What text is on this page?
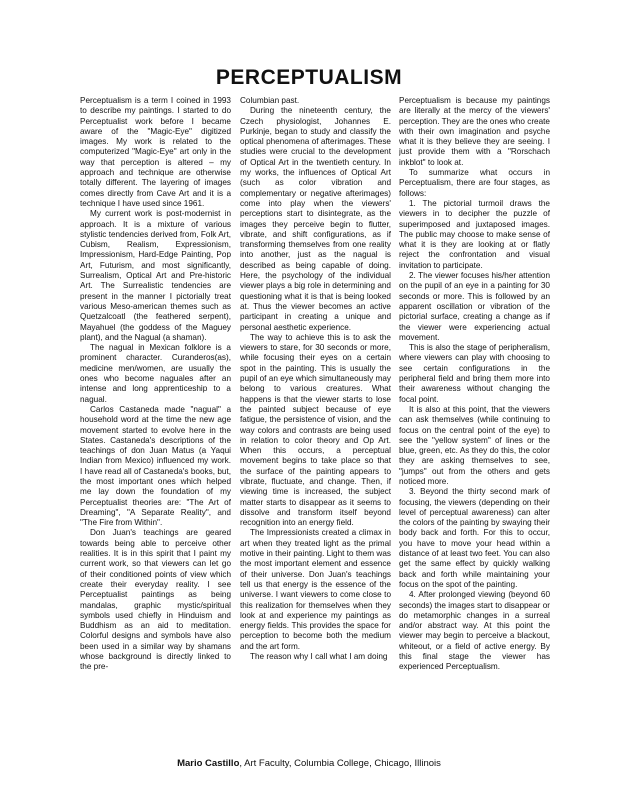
PERCEPTUALISM

Perceptualism is a term I coined in 1993 to describe my paintings. I started to do Perceptualist work before I became aware of the "Magic-Eye" digitized images. My work is related to the computerized "Magic-Eye" art only in the way that perception is altered – my approach and technique are otherwise totally different. The layering of images comes directly from Cave Art and it is a technique I have used since 1961.

My current work is post-modernist in approach. It is a mixture of various stylistic tendencies derived from, Folk Art, Cubism, Realism, Expressionism, Impressionism, Hard-Edge Painting, Pop Art, Futurism, and most significantly, Surrealism, Optical Art and Pre-historic Art. The Surrealistic tendencies are present in the manner I pictorially treat various Meso-american themes such as Quetzalcoatl (the feathered serpent), Mayahuel (the goddess of the Maguey plant), and the Nagual (a shaman).

The nagual in Mexican folklore is a prominent character. Curanderos(as), medicine men/women, are usually the ones who become naguales after an intense and long apprenticeship to a nagual.

Carlos Castaneda made "nagual" a household word at the time the new age movement started to evolve here in the States. Castaneda's descriptions of the teachings of don Juan Matus (a Yaqui Indian from Mexico) influenced my work. I have read all of Castaneda's books, but, the most important ones which helped me lay down the foundation of my Perceptualist theories are: "The Art of Dreaming", "A Separate Reality", and "The Fire from Within".

Don Juan's teachings are geared towards being able to perceive other realities. It is in this spirit that I paint my current work, so that viewers can let go of their conditioned points of view which create their everyday reality. I see Perceptualist paintings as being mandalas, graphic mystic/spiritual symbols used chiefly in Hinduism and Buddhism as an aid to meditation. Colorful designs and symbols have also been used in a similar way by shamans whose background is directly linked to the pre-

Columbian past.

During the nineteenth century, the Czech physiologist, Johannes E. Purkinje, began to study and classify the optical phenomena of afterimages. These studies were crucial to the development of Optical Art in the twentieth century. In my works, the influences of Optical Art (such as color vibration and complementary or negative afterimages) come into play when the viewers' perceptions start to disintegrate, as the images they perceive begin to flutter, vibrate, and shift configurations, as if transforming themselves from one reality into another, just as the nagual is described as being capable of doing. Here, the psychology of the individual viewer plays a big role in determining and questioning what it is that is being looked at. Thus the viewer becomes an active participant in creating a unique and personal aesthetic experience.

The way to achieve this is to ask the viewers to stare, for 30 seconds or more, while focusing their eyes on a certain spot in the painting. This is usually the pupil of an eye which simultaneously may belong to various creatures. What happens is that the viewer starts to lose the painted subject because of eye fatigue, the persistence of vision, and the way colors and contrasts are being used in relation to color theory and Op Art. When this occurs, a perceptual movement begins to take place so that the surface of the painting appears to vibrate, fluctuate, and change. Then, if viewing time is increased, the subject matter starts to disappear as it seems to dissolve and transform itself beyond recognition into an energy field.

The Impressionists created a climax in art when they treated light as the primal motive in their painting. Light to them was the most important element and essence of their universe. Don Juan's teachings tell us that energy is the essence of the universe. I want viewers to come close to this realization for themselves when they look at and experience my paintings as energy fields. This provides the space for perception to become both the medium and the art form.

The reason why I call what I am doing

Perceptualism is because my paintings are literally at the mercy of the viewers' perception. They are the ones who create with their own imagination and psyche what it is they believe they are seeing. I just provide them with a "Rorschach inkblot" to look at.

To summarize what occurs in Perceptualism, there are four stages, as follows:

1. The pictorial turmoil draws the viewers in to decipher the puzzle of superimposed and juxtaposed images. The public may choose to make sense of what it is they are looking at or flatly reject the confrontation and visual invitation to participate.

2. The viewer focuses his/her attention on the pupil of an eye in a painting for 30 seconds or more. This is followed by an apparent oscillation or vibration of the pictorial surface, creating a change as if the viewer were experiencing actual movement.

This is also the stage of peripheralism, where viewers can play with choosing to see certain configurations in the peripheral field and bring them more into their awareness without changing the focal point.

It is also at this point, that the viewers can ask themselves (while continuing to focus on the central point of the eye) to see the "yellow system" of lines or the blue, green, etc. As they do this, the color they are asking themselves to see, "jumps" out from the others and gets noticed more.

3. Beyond the thirty second mark of focusing, the viewers (depending on their level of perceptual awareness) can alter the colors of the painting by swaying their body back and forth. For this to occur, you have to move your head within a distance of at least two feet. You can also get the same effect by quickly walking back and forth while maintaining your focus on the spot of the painting.

4. After prolonged viewing (beyond 60 seconds) the images start to disappear or do metamorphic changes in a surreal and/or abstract way. At this point the viewer may begin to perceive a blackout, whiteout, or a field of active energy. By this final stage the viewer has experienced Perceptualism.

Mario Castillo, Art Faculty, Columbia College, Chicago, Illinois
